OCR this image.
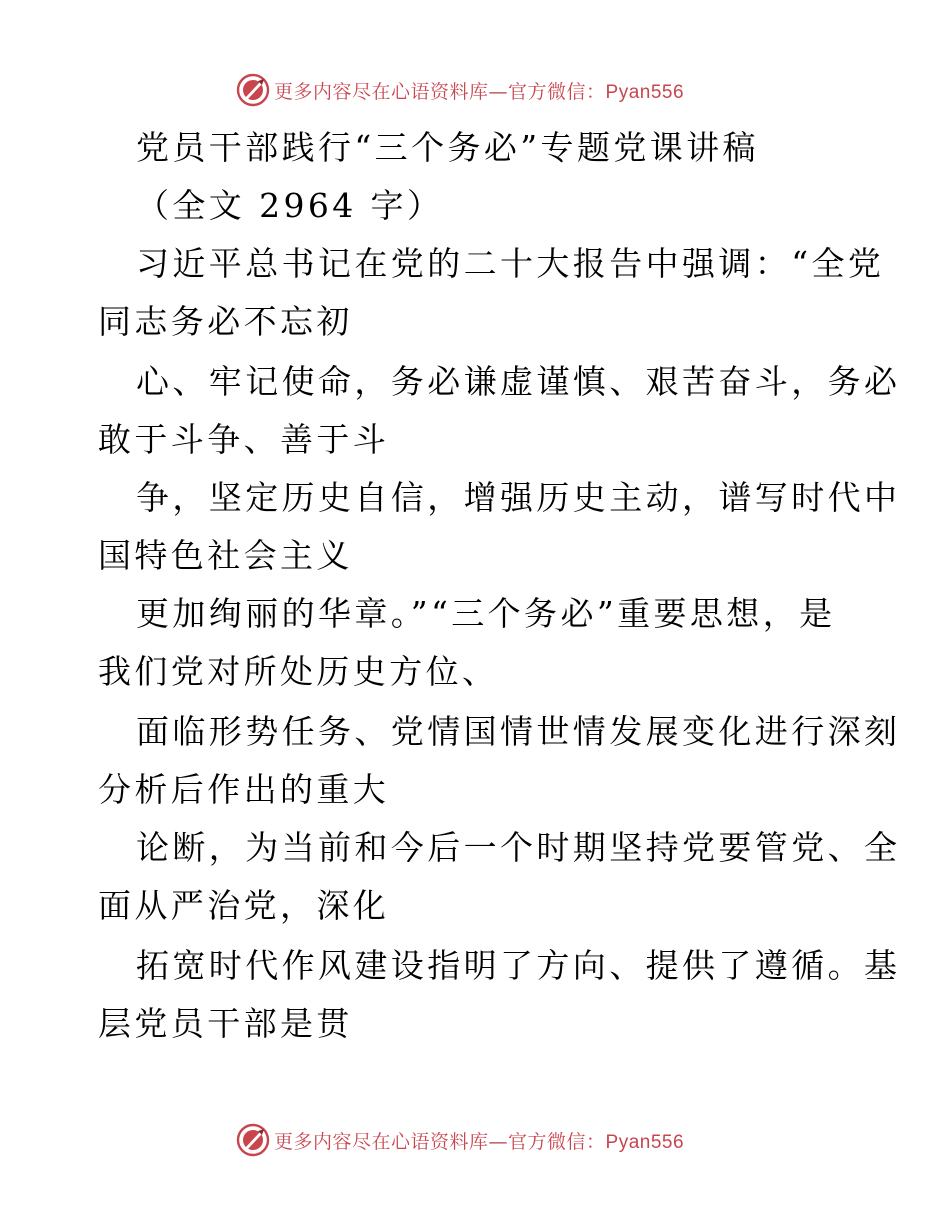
更多内容尽在心语资料库—官方微信：Pyan556
党员干部践行“三个务必”专题党课讲稿
（全文 2964 字）
习近平总书记在党的二十大报告中强调：“全党
同志务必不忘初
心、牢记使命，务必谦虚谨慎、艰苦奋斗，务必
敢于斗争、善于斗
争，坚定历史自信，增强历史主动，谱写时代中
国特色社会主义
更加绚丽的华章。”“三个务必”重要思想，是
我们党对所处历史方位、
面临形势任务、党情国情世情发展变化进行深刻
分析后作出的重大
论断，为当前和今后一个时期坚持党要管党、全
面从严治党，深化
拓宽时代作风建设指明了方向、提供了遵循。基
层党员干部是贯
更多内容尽在心语资料库—官方微信：Pyan556
